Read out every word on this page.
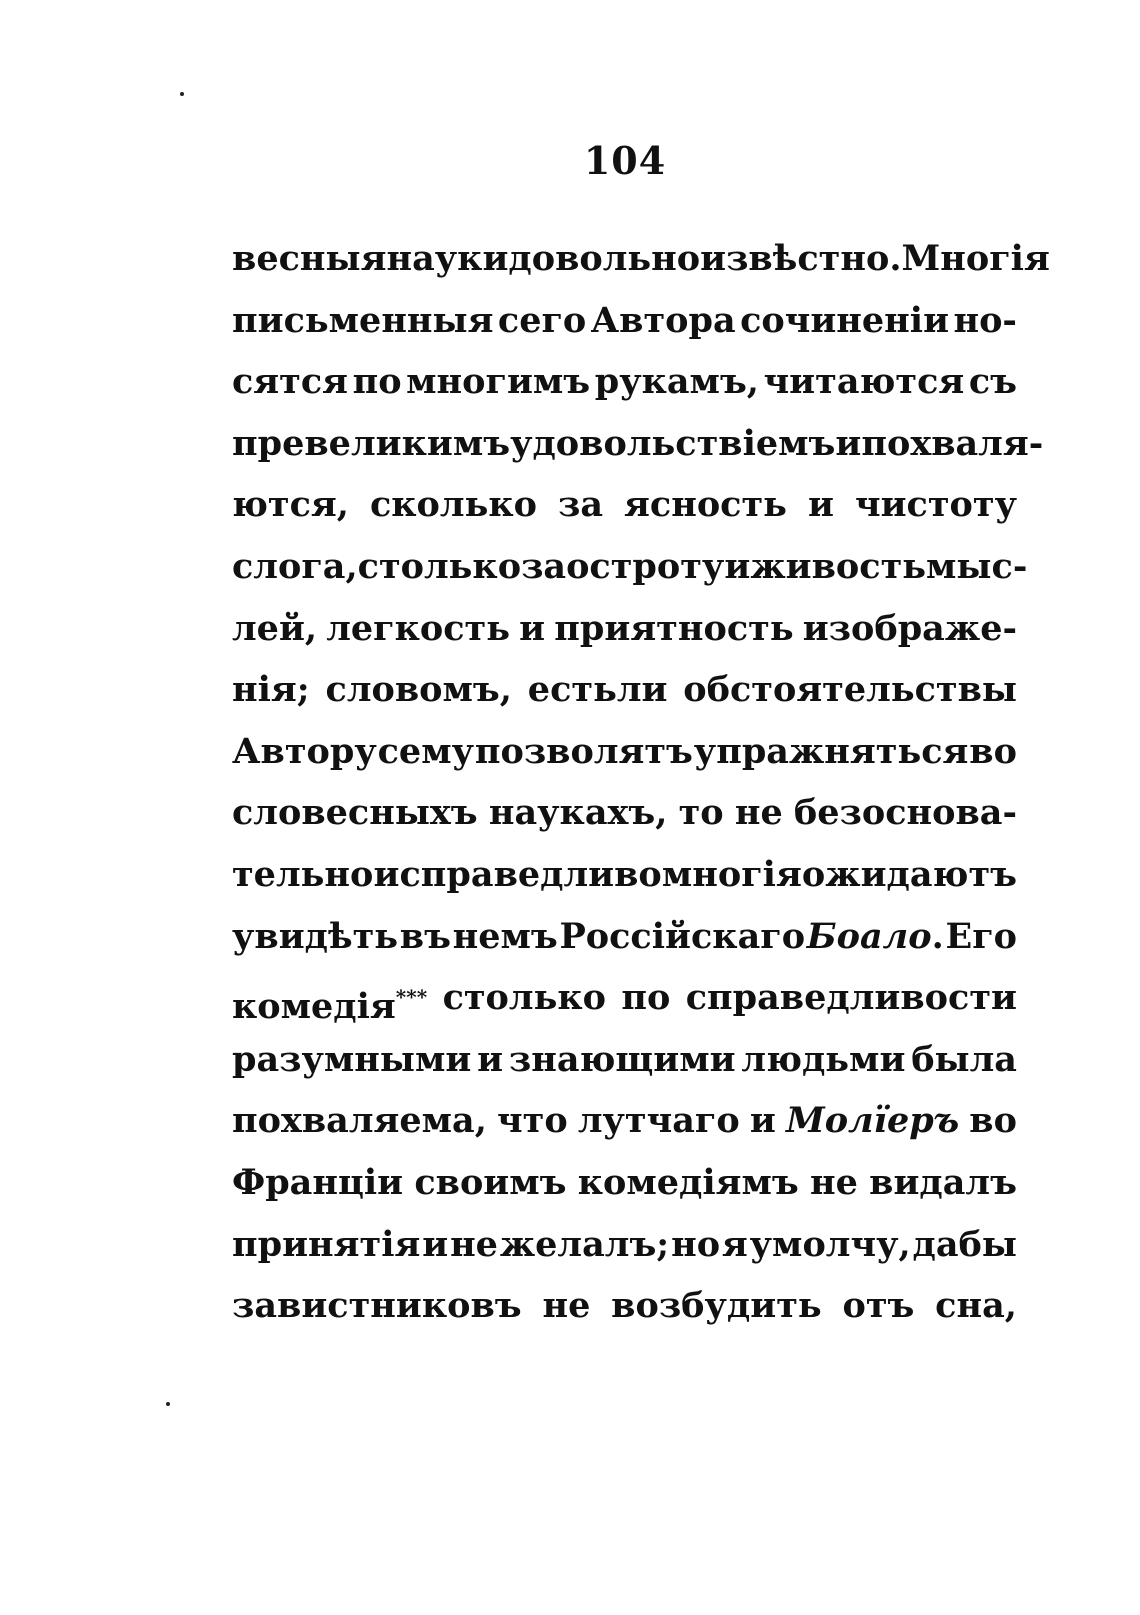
104
весныя науки довольно извѣстно. Многія
письменныя сего Автора сочиненіи но-
сятся по многимъ рукамъ, читаются съ
превеликимъ удовольствіемъ и похваля-
ются, сколько за ясность и чистоту
слога, столько за остроту и живость мыс-
лей, легкость и приятность изображе-
нія; словомъ, естьли обстоятельствы
Автору сему позволятъ упражняться во
словесныхъ наукахъ, то не безоснова-
тельно и справедливо многія ожидаютъ
увидѣть въ немъ Россійскаго Боало. Его
комедія*** столько по справедливости
разумными и знающими людьми была
похваляема, что лутчаго и Молїеръ во
Франціи своимъ комедіямъ не видалъ
принятія и не желалъ; но я умолчу, дабы
завистниковъ не возбудить отъ сна,
